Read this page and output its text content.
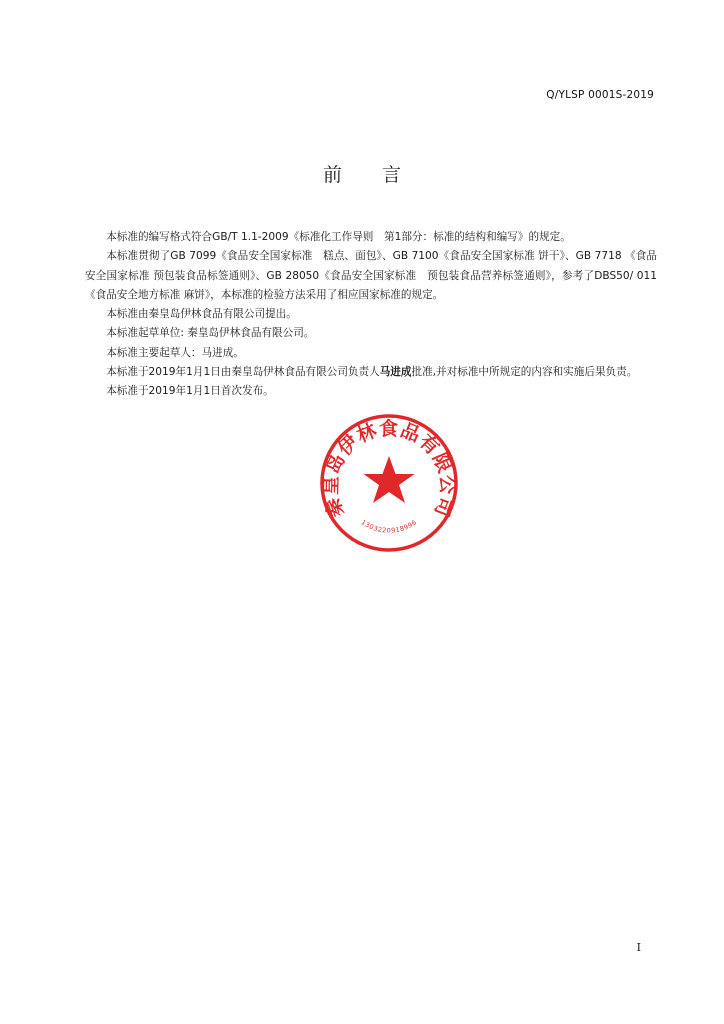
Q/YLSP 0001S-2019
前 言

本标准的编写格式符合GB/T 1.1-2009《标准化工作导则　第1部分：标准的结构和编写》的规定。

本标准贯彻了GB 7099《食品安全国家标准　糕点、面包》、GB 7100《食品安全国家标准 饼干》、GB 7718 《食品安全国家标准 预包装食品标签通则》、GB 28050《食品安全国家标准　预包装食品营养标签通则》，参考了DBS50/ 011《食品安全地方标准 麻饼》，本标准的检验方法采用了相应国家标准的规定。

本标准由秦皇岛伊林食品有限公司提出。

本标准起草单位: 秦皇岛伊林食品有限公司。

本标准主要起草人：马进成。

本标准于2019年1月1日由秦皇岛伊林食品有限公司负责人马进成批准,并对标准中所规定的内容和实施后果负责。

本标准于2019年1月1日首次发布。

秦皇岛伊林食品有限公司
1303220918996
I
